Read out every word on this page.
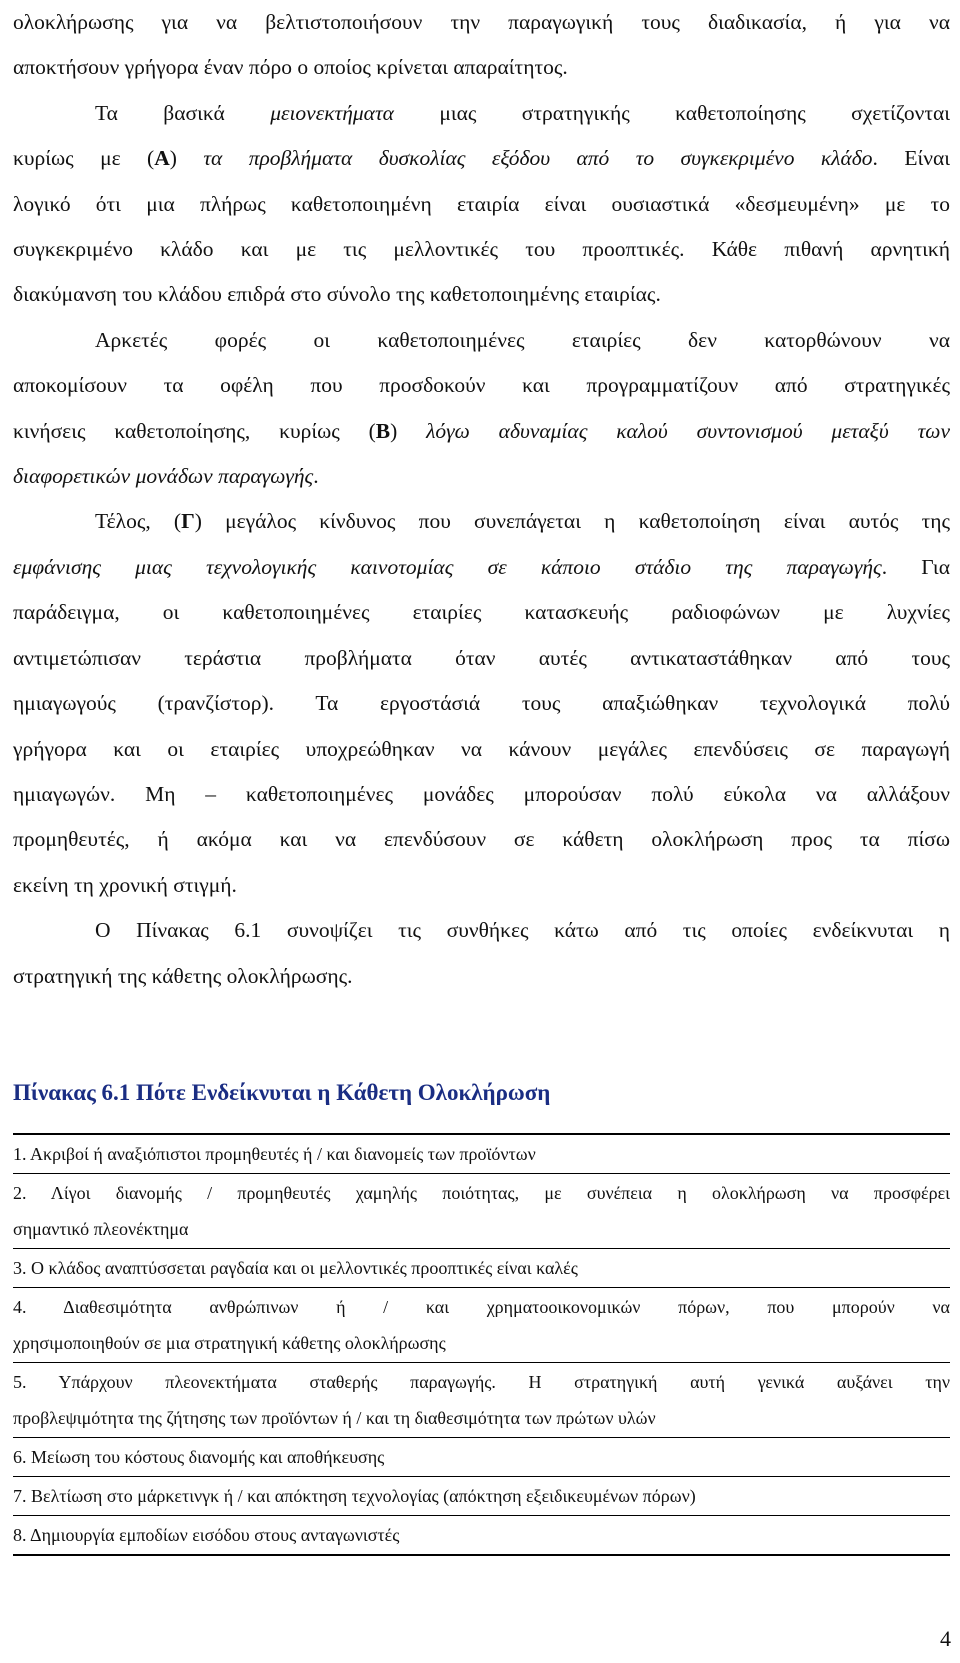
ολοκλήρωσης για να βελτιστοποιήσουν την παραγωγική τους διαδικασία, ή για να
αποκτήσουν γρήγορα έναν πόρο ο οποίος κρίνεται απαραίτητος.
Τα βασικά μειονεκτήματα μιας στρατηγικής καθετοποίησης σχετίζονται
κυρίως με (Α) τα προβλήματα δυσκολίας εξόδου από το συγκεκριμένο κλάδο. Είναι
λογικό ότι μια πλήρως καθετοποιημένη εταιρία είναι ουσιαστικά «δεσμευμένη» με το
συγκεκριμένο κλάδο και με τις μελλοντικές του προοπτικές. Κάθε πιθανή αρνητική
διακύμανση του κλάδου επιδρά στο σύνολο της καθετοποιημένης εταιρίας.
Αρκετές φορές οι καθετοποιημένες εταιρίες δεν κατορθώνουν να
αποκομίσουν τα οφέλη που προσδοκούν και προγραμματίζουν από στρατηγικές
κινήσεις καθετοποίησης, κυρίως (Β) λόγω αδυναμίας καλού συντονισμού μεταξύ των
διαφορετικών μονάδων παραγωγής.
Τέλος, (Γ) μεγάλος κίνδυνος που συνεπάγεται η καθετοποίηση είναι αυτός της
εμφάνισης μιας τεχνολογικής καινοτομίας σε κάποιο στάδιο της παραγωγής. Για
παράδειγμα, οι καθετοποιημένες εταιρίες κατασκευής ραδιοφώνων με λυχνίες
αντιμετώπισαν τεράστια προβλήματα όταν αυτές αντικαταστάθηκαν από τους
ημιαγωγούς (τρανζίστορ). Τα εργοστάσιά τους απαξιώθηκαν τεχνολογικά πολύ
γρήγορα και οι εταιρίες υποχρεώθηκαν να κάνουν μεγάλες επενδύσεις σε παραγωγή
ημιαγωγών. Μη – καθετοποιημένες μονάδες μπορούσαν πολύ εύκολα να αλλάξουν
προμηθευτές, ή ακόμα και να επενδύσουν σε κάθετη ολοκλήρωση προς τα πίσω
εκείνη τη χρονική στιγμή.
Ο Πίνακας 6.1 συνοψίζει τις συνθήκες κάτω από τις οποίες ενδείκνυται η
στρατηγική της κάθετης ολοκλήρωσης.
Πίνακας 6.1 Πότε Ενδείκνυται η Κάθετη Ολοκλήρωση
1. Ακριβοί ή αναξιόπιστοι προμηθευτές ή / και διανομείς των προϊόντων
2. Λίγοι διανομής / προμηθευτές χαμηλής ποιότητας, με συνέπεια η ολοκλήρωση να προσφέρει
σημαντικό πλεονέκτημα
3. Ο κλάδος αναπτύσσεται ραγδαία και οι μελλοντικές προοπτικές είναι καλές
4. Διαθεσιμότητα ανθρώπινων ή / και χρηματοοικονομικών πόρων, που μπορούν να
χρησιμοποιηθούν σε μια στρατηγική κάθετης ολοκλήρωσης
5. Υπάρχουν πλεονεκτήματα σταθερής παραγωγής. Η στρατηγική αυτή γενικά αυξάνει την
προβλεψιμότητα της ζήτησης των προϊόντων ή / και τη διαθεσιμότητα των πρώτων υλών
6. Μείωση του κόστους διανομής και αποθήκευσης
7. Βελτίωση στο μάρκετινγκ ή / και απόκτηση τεχνολογίας (απόκτηση εξειδικευμένων πόρων)
8. Δημιουργία εμποδίων εισόδου στους ανταγωνιστές
4
